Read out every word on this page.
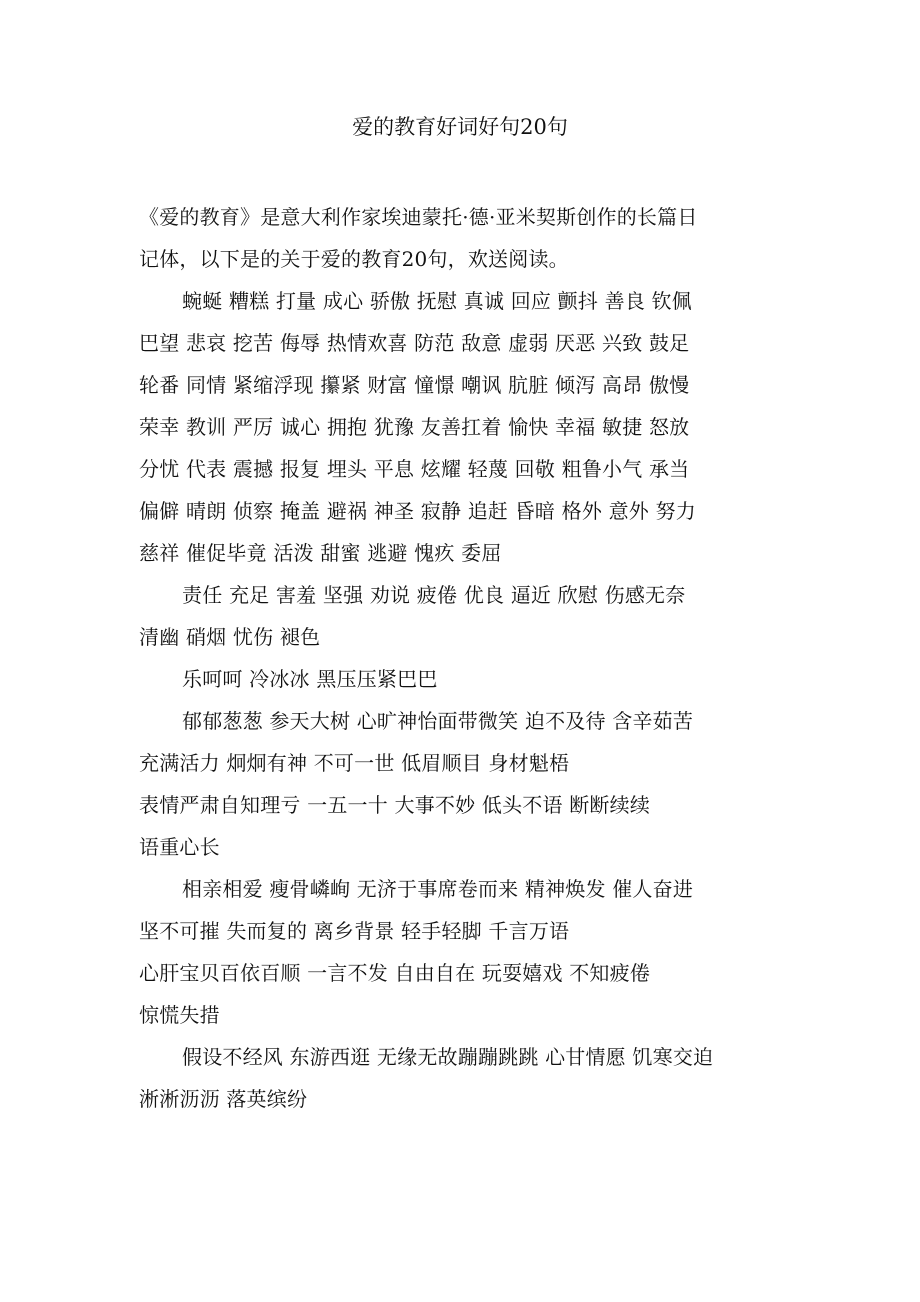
爱的教育好词好句20句
《爱的教育》是意大利作家埃迪蒙托·德·亚米契斯创作的长篇日
记体，以下是的关于爱的教育20句，欢送阅读。
蜿蜒 糟糕 打量 成心 骄傲 抚慰 真诚 回应 颤抖 善良 钦佩
巴望 悲哀 挖苦 侮辱 热情欢喜 防范 敌意 虚弱 厌恶 兴致 鼓足
轮番 同情 紧缩浮现 攥紧 财富 憧憬 嘲讽 肮脏 倾泻 高昂 傲慢
荣幸 教训 严厉 诚心 拥抱 犹豫 友善扛着 愉快 幸福 敏捷 怒放
分忧 代表 震撼 报复 埋头 平息 炫耀 轻蔑 回敬 粗鲁小气 承当
偏僻 晴朗 侦察 掩盖 避祸 神圣 寂静 追赶 昏暗 格外 意外 努力
慈祥 催促毕竟 活泼 甜蜜 逃避 愧疚 委屈
责任 充足 害羞 坚强 劝说 疲倦 优良 逼近 欣慰 伤感无奈
清幽 硝烟 忧伤 褪色
乐呵呵 冷冰冰 黑压压紧巴巴
郁郁葱葱 参天大树 心旷神怡面带微笑 迫不及待 含辛茹苦
充满活力 炯炯有神 不可一世 低眉顺目 身材魁梧
表情严肃自知理亏 一五一十 大事不妙 低头不语 断断续续
语重心长
相亲相爱 瘦骨嶙峋 无济于事席卷而来 精神焕发 催人奋进
坚不可摧 失而复的 离乡背景 轻手轻脚 千言万语
心肝宝贝百依百顺 一言不发 自由自在 玩耍嬉戏 不知疲倦
惊慌失措
假设不经风 东游西逛 无缘无故蹦蹦跳跳 心甘情愿 饥寒交迫
淅淅沥沥 落英缤纷
